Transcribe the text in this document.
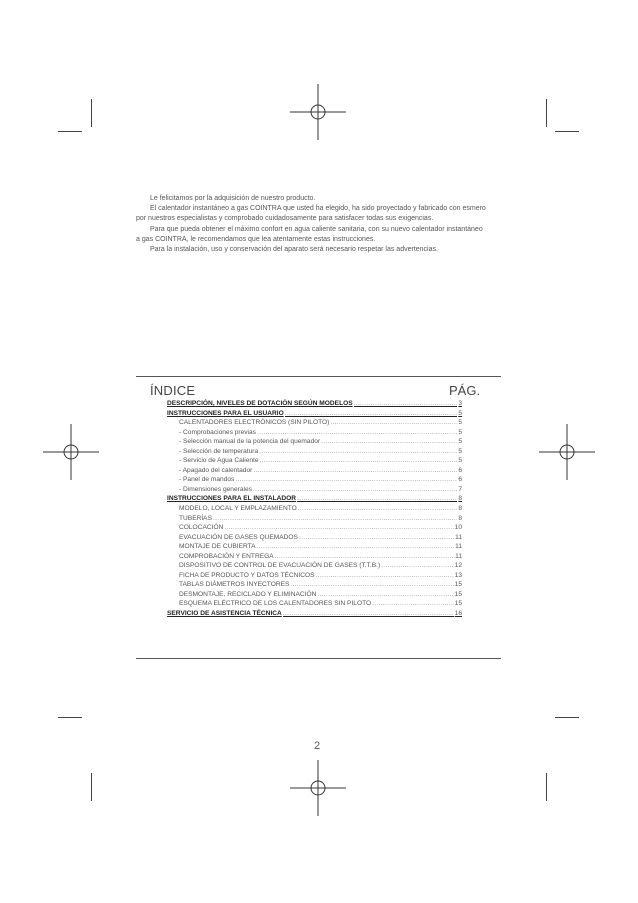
Le felicitamos por la adquisición de nuestro producto.

El calentador instantáneo a gas COINTRA que usted ha elegido, ha sido proyectado y fabricado con esmero por nuestros especialistas y comprobado cuidadosamente para satisfacer todas sus exigencias.

Para que pueda obtener el máximo confort en agua caliente sanitaria, con su nuevo calentador instantáneo a gas COINTRA, le recomendamos que lea atentamente estas instrucciones.

Para la instalación, uso y conservación del aparato será necesario respetar las advertencias.

ÍNDICE	PÁG.
DESCRIPCIÓN, NIVELES DE DOTACIÓN SEGÚN MODELOS .....	3
INSTRUCCIONES PARA EL USUARIO .....	5
CALENTADORES ELECTRÓNICOS (SIN PILOTO) .....	5
- Comprobaciones previas .....	5
- Selección manual de la potencia del quemador .....	5
- Selección de temperatura .....	5
- Servicio de Agua Caliente .....	5
- Apagado del calentador .....	6
- Panel de mandos .....	6
- Dimensiones generales .....	7
INSTRUCCIONES PARA EL INSTALADOR .....	8
MODELO, LOCAL Y EMPLAZAMIENTO .....	8
TUBERÍAS .....	8
COLOCACIÓN .....	10
EVACUACIÓN DE GASES QUEMADOS .....	11
MONTAJE DE CUBIERTA .....	11
COMPROBACIÓN Y ENTREGA .....	11
DISPOSITIVO DE CONTROL DE EVACUACIÓN DE GASES (T.T.B.) .....	12
FICHA DE PRODUCTO Y DATOS TÉCNICOS .....	13
TABLAS DIÁMETROS INYECTORES .....	15
DESMONTAJE, RECICLADO Y ELIMINACIÓN .....	15
ESQUEMA ELÉCTRICO DE LOS CALENTADORES SIN PILOTO .....	15
SERVICIO DE ASISTENCIA TÉCNICA .....	16
2
